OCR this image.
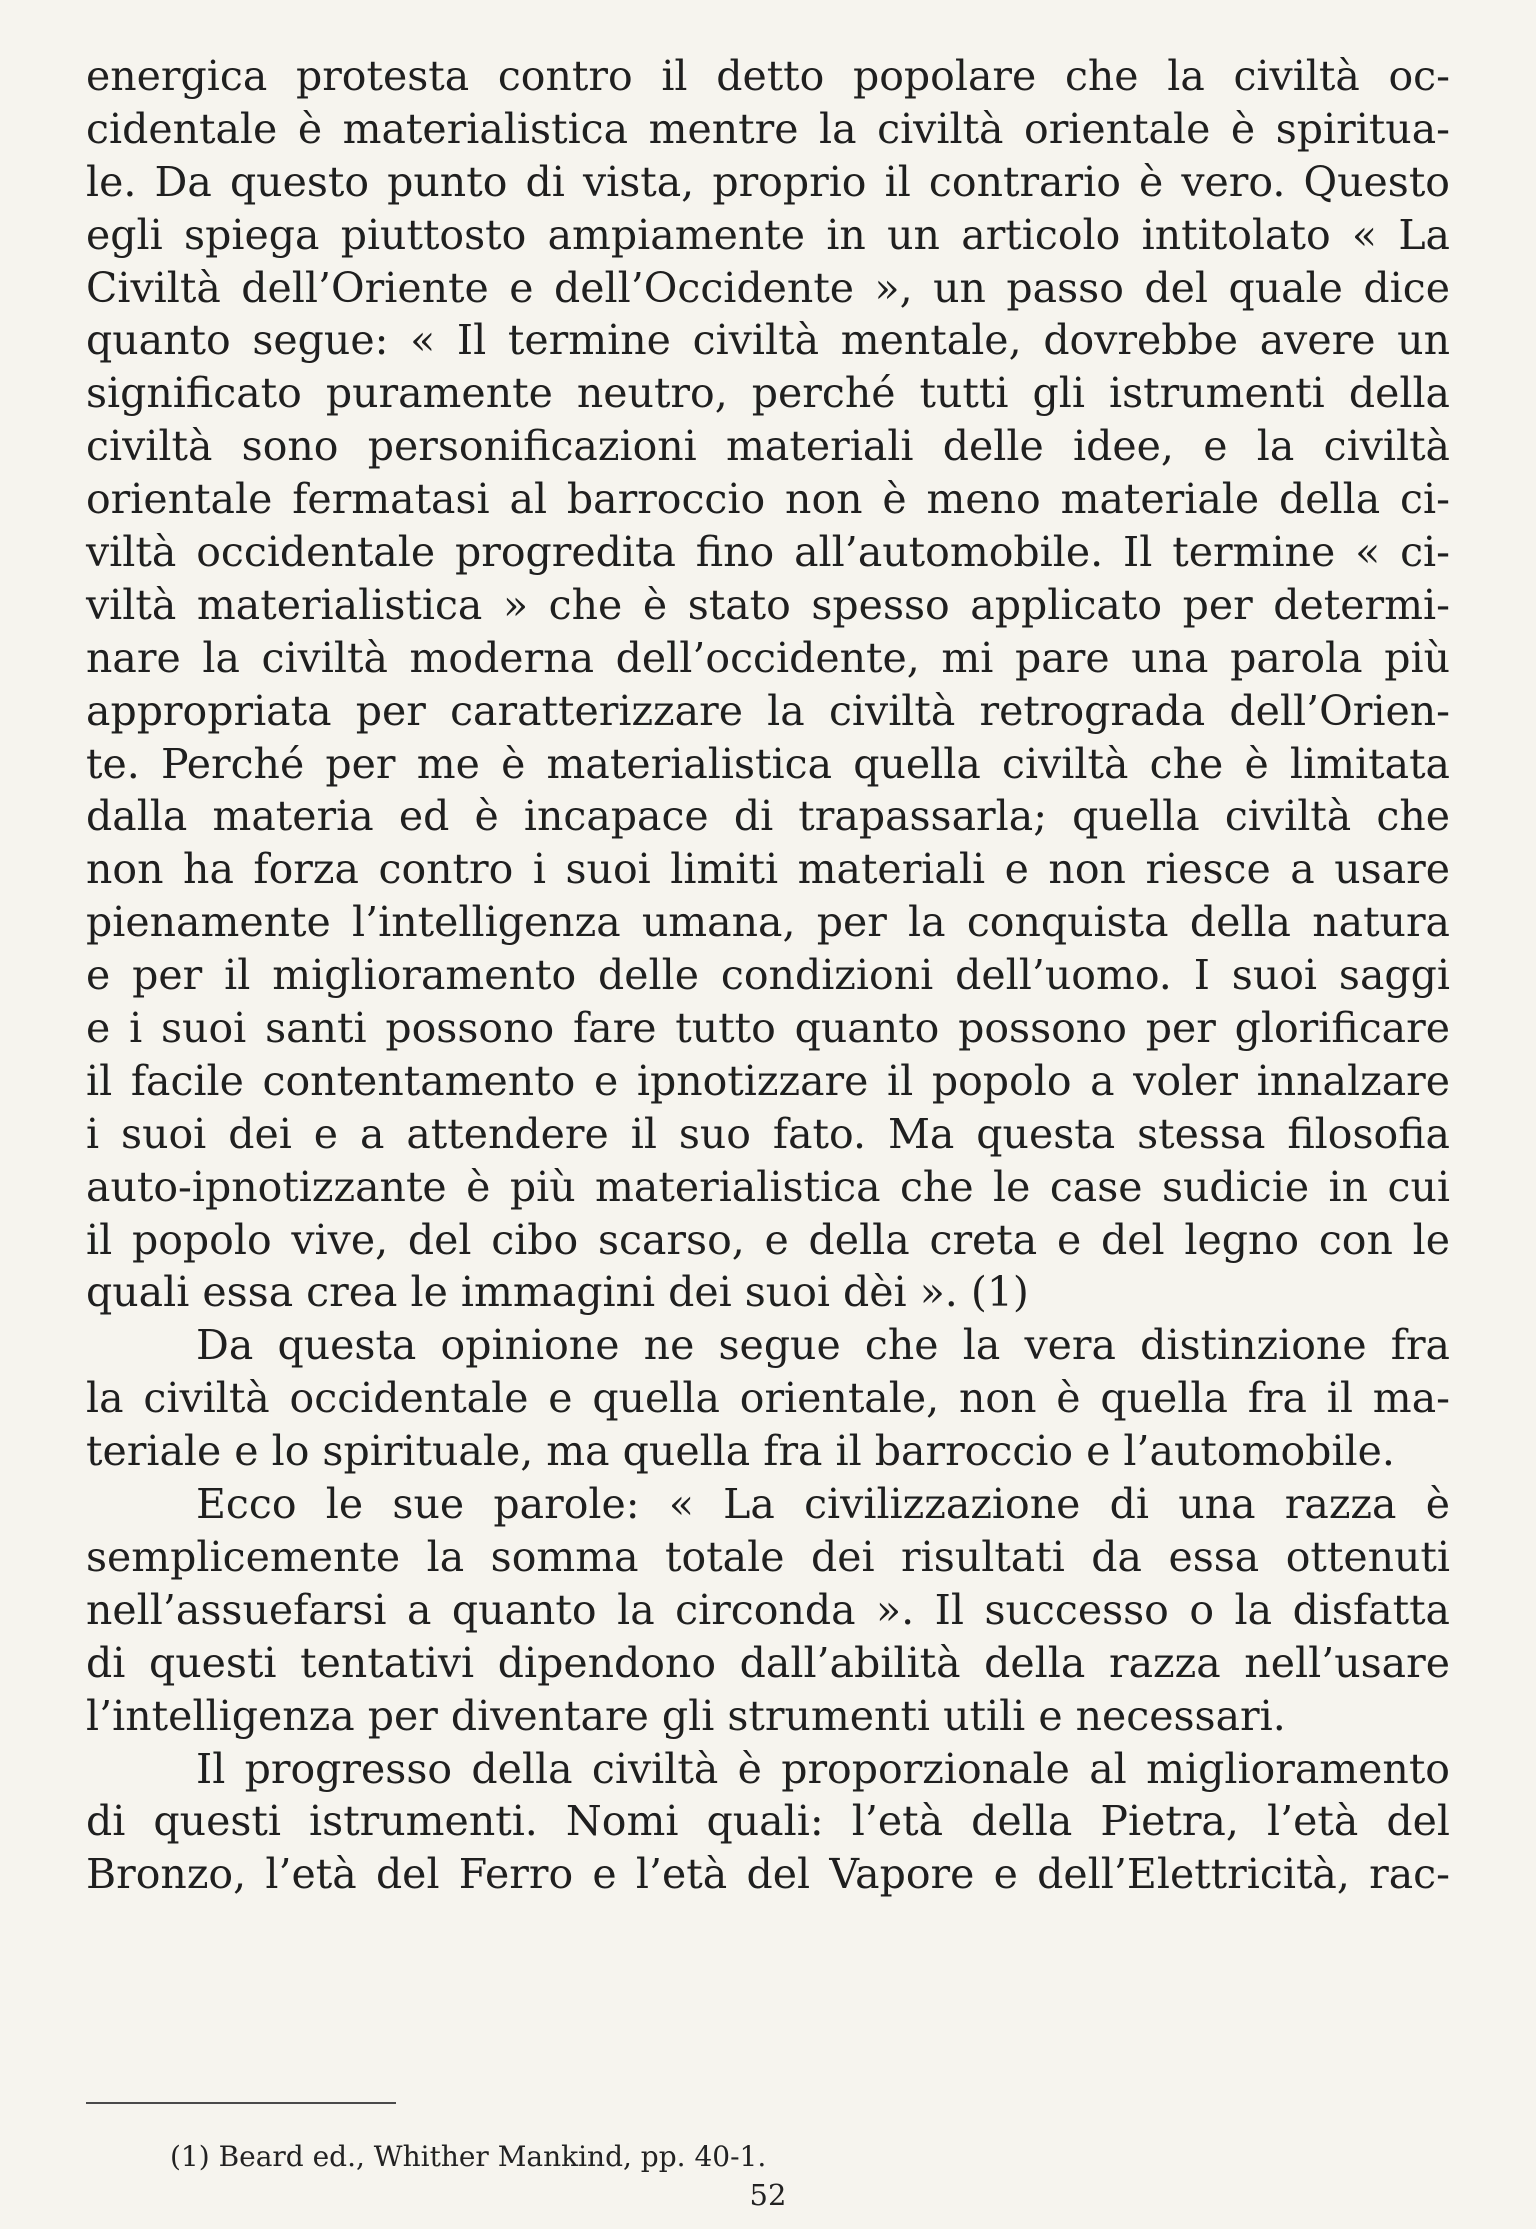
energica protesta contro il detto popolare che la civiltà oc-
cidentale è materialistica mentre la civiltà orientale è spiritua-
le. Da questo punto di vista, proprio il contrario è vero. Questo
egli spiega piuttosto ampiamente in un articolo intitolato « La
Civiltà dell’Oriente e dell’Occidente », un passo del quale dice
quanto segue: « Il termine civiltà mentale, dovrebbe avere un
significato puramente neutro, perché tutti gli istrumenti della
civiltà sono personificazioni materiali delle idee, e la civiltà
orientale fermatasi al barroccio non è meno materiale della ci-
viltà occidentale progredita fino all’automobile. Il termine « ci-
viltà materialistica » che è stato spesso applicato per determi-
nare la civiltà moderna dell’occidente, mi pare una parola più
appropriata per caratterizzare la civiltà retrograda dell’Orien-
te. Perché per me è materialistica quella civiltà che è limitata
dalla materia ed è incapace di trapassarla; quella civiltà che
non ha forza contro i suoi limiti materiali e non riesce a usare
pienamente l’intelligenza umana, per la conquista della natura
e per il miglioramento delle condizioni dell’uomo. I suoi saggi
e i suoi santi possono fare tutto quanto possono per glorificare
il facile contentamento e ipnotizzare il popolo a voler innalzare
i suoi dei e a attendere il suo fato. Ma questa stessa filosofia
auto-ipnotizzante è più materialistica che le case sudicie in cui
il popolo vive, del cibo scarso, e della creta e del legno con le
quali essa crea le immagini dei suoi dèi ». (1)
Da questa opinione ne segue che la vera distinzione fra
la civiltà occidentale e quella orientale, non è quella fra il ma-
teriale e lo spirituale, ma quella fra il barroccio e l’automobile.
Ecco le sue parole: « La civilizzazione di una razza è
semplicemente la somma totale dei risultati da essa ottenuti
nell’assuefarsi a quanto la circonda ». Il successo o la disfatta
di questi tentativi dipendono dall’abilità della razza nell’usare
l’intelligenza per diventare gli strumenti utili e necessari.
Il progresso della civiltà è proporzionale al miglioramento
di questi istrumenti. Nomi quali: l’età della Pietra, l’età del
Bronzo, l’età del Ferro e l’età del Vapore e dell’Elettricità, rac-
(1) Beard ed., Whither Mankind, pp. 40-1.
52
